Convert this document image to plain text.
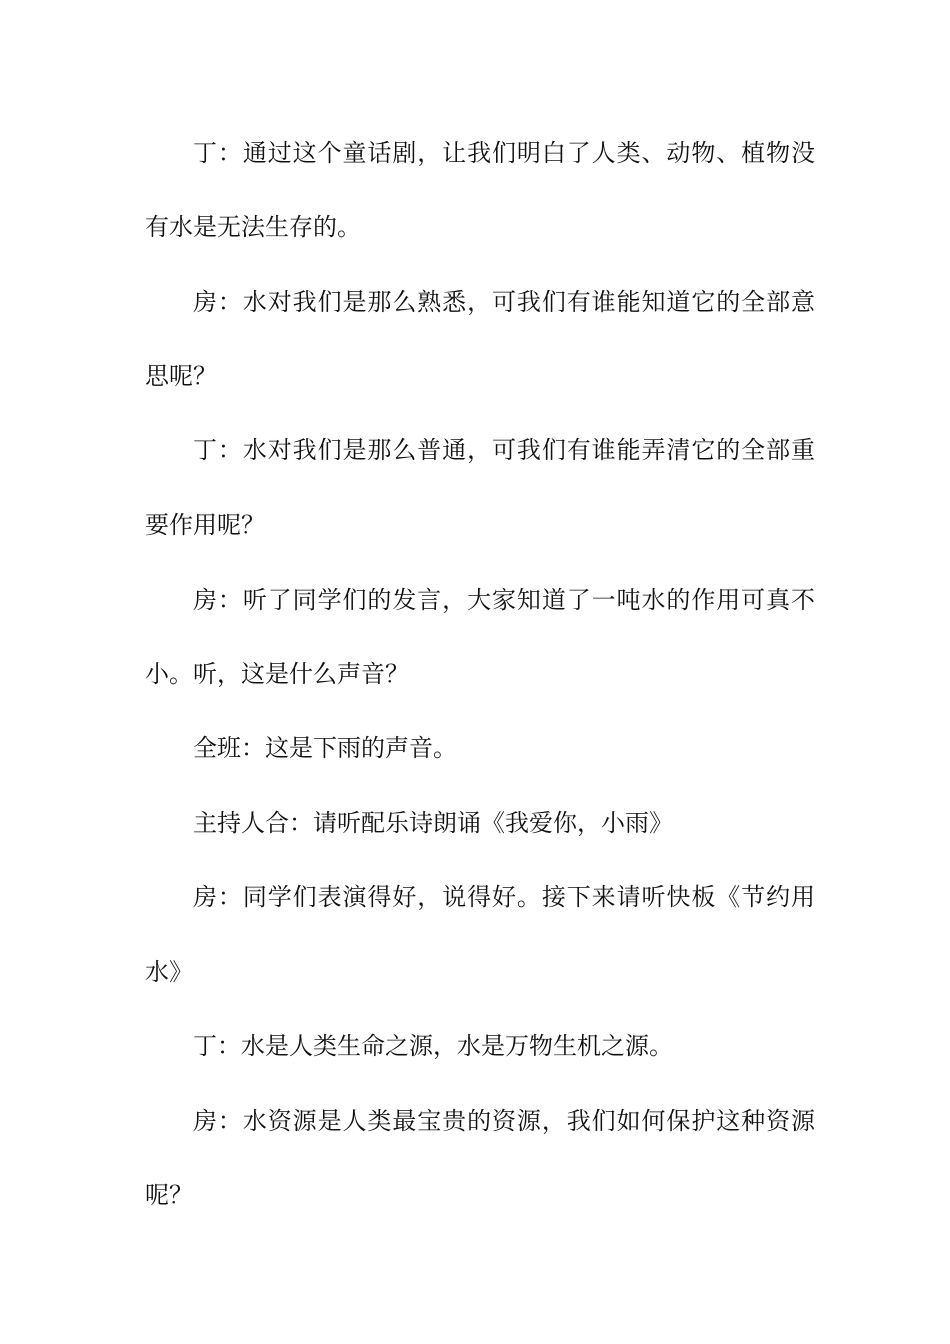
丁：通过这个童话剧，让我们明白了人类、动物、植物没
有水是无法生存的。
房：水对我们是那么熟悉，可我们有谁能知道它的全部意
思呢？
丁：水对我们是那么普通，可我们有谁能弄清它的全部重
要作用呢？
房：听了同学们的发言，大家知道了一吨水的作用可真不
小。听，这是什么声音？
全班：这是下雨的声音。
主持人合：请听配乐诗朗诵《我爱你，小雨》
房：同学们表演得好，说得好。接下来请听快板《节约用
水》
丁：水是人类生命之源，水是万物生机之源。
房：水资源是人类最宝贵的资源，我们如何保护这种资源
呢？
